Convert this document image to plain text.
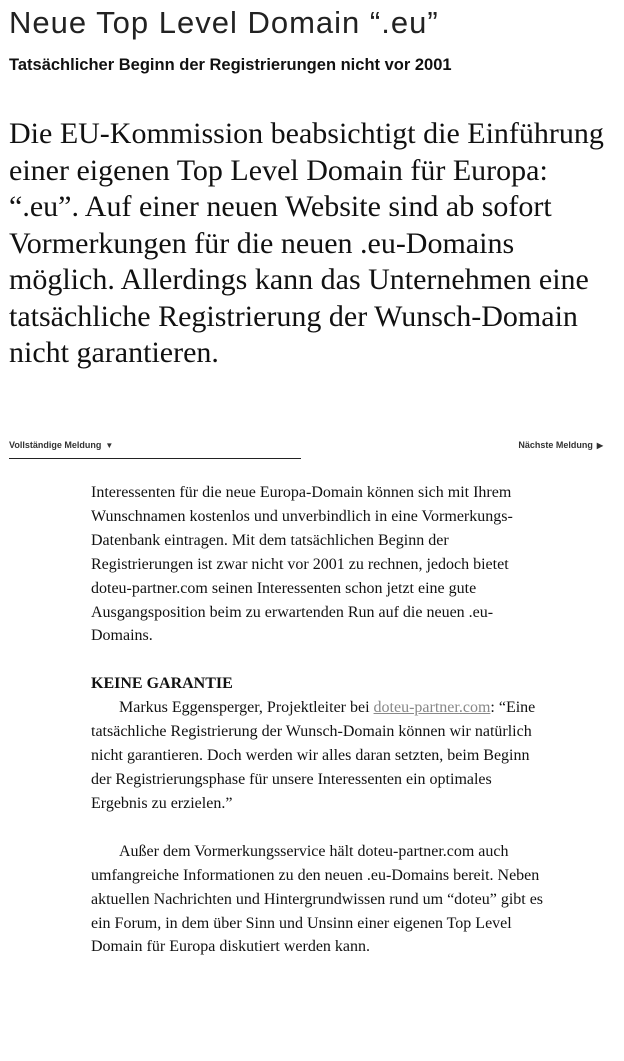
Neue Top Level Domain “.eu”
Tatsächlicher Beginn der Registrierungen nicht vor 2001

Die EU-Kommission beabsichtigt die Einführung einer eigenen Top Level Domain für Europa: “.eu”. Auf einer neuen Website sind ab sofort Vormerkungen für die neuen .eu-Domains möglich. Allerdings kann das Unternehmen eine tatsächliche Registrierung der Wunsch-Domain nicht garantieren.

Vollständige Meldung ▼	Nächste Meldung ▶

Interessenten für die neue Europa-Domain können sich mit Ihrem Wunschnamen kostenlos und unverbindlich in eine Vormerkungs-Datenbank eintragen. Mit dem tatsächlichen Beginn der Registrierungen ist zwar nicht vor 2001 zu rechnen, jedoch bietet doteu-partner.com seinen Interessenten schon jetzt eine gute Ausgangsposition beim zu erwartenden Run auf die neuen .eu-Domains.

KEINE GARANTIE

Markus Eggensperger, Projektleiter bei doteu-partner.com: “Eine tatsächliche Registrierung der Wunsch-Domain können wir natürlich nicht garantieren. Doch werden wir alles daran setzten, beim Beginn der Registrierungsphase für unsere Interessenten ein optimales Ergebnis zu erzielen.”

Außer dem Vormerkungsservice hält doteu-partner.com auch umfangreiche Informationen zu den neuen .eu-Domains bereit. Neben aktuellen Nachrichten und Hintergrundwissen rund um “doteu” gibt es ein Forum, in dem über Sinn und Unsinn einer eigenen Top Level Domain für Europa diskutiert werden kann.
